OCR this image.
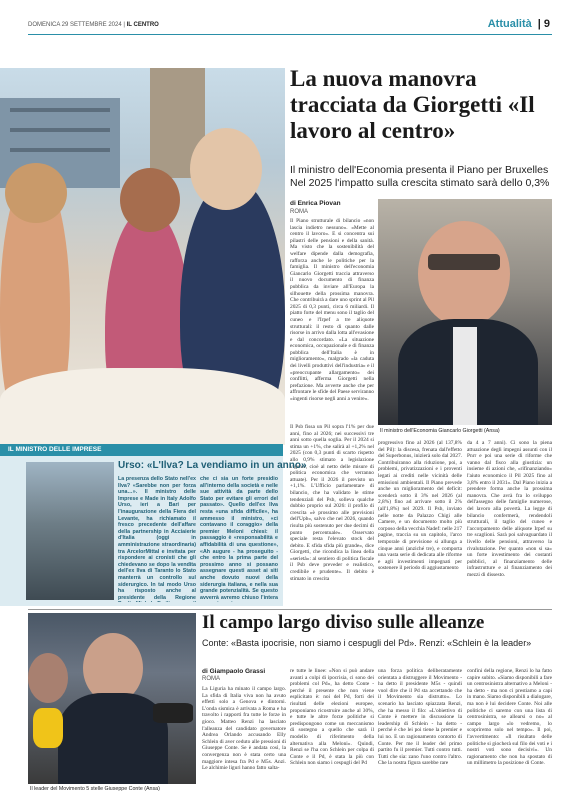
DOMENICA 29 SETTEMBRE 2024 | IL CENTRO	Attualità | 9
La nuova manovra tracciata da Giorgetti «Il lavoro al centro»
Il ministro dell'Economia presenta il Piano per Bruxelles Nel 2025 l'impatto sulla crescita stimato sarà dello 0,3%
di Enrica Piovan
ROMA
Il Piano strutturale di bilancio «non lascia indietro nessuno». «Mette al centro il lavoro». E si concentra sui pilastri delle pensioni e della sanità. Ma visto che la sostenibilità del welfare dipende dalla demografia, rafforza anche le politiche per la famiglia. Il ministro dell'economia Giancarlo Giorgetti traccia attraverso il nuovo documento di finanza pubblica da inviare all'Europa la silhouette della prossima manovra. Che contribuirà a dare uno sprint al Pil 2025 di 0,3 punti, circa 6 miliardi. Il piatto forte del menu sono il taglio del cuneo e l'Irpef a tre aliquote strutturali: il resto di quanto dalle risorse in arrivo dalla lotta all'evasione e dal concordato. «La situazione economica, occupazionale e di finanza pubblica dell'Italia è in miglioramento», malgrado «la caduta dei livelli produttivi dell'industria» e il «preoccupante allargamento» dei conflitti, afferma Giorgetti nella prefazione. Ma avverte anche che per affrontare le sfide del Paese serviranno «ingenti risorse negli anni a venire».
Il ministro dell'Economia Giancarlo Giorgetti (Ansa)
Il Psb fissa un Pil sopra l'1% per due anni, fino al 2026; nei successivi tre anni sotto quella soglia. Per il 2024 si stima un +1%, che salirà al +1,2% nel 2025 (con 0,3 punti di scarto rispetto allo 0,9% stimato a legislazione vigente, cioè al netto delle misure di politica economica che verranno attuate). Per il 2026 il previsto un +1,1%. L'Ufficio parlamentare di bilancio, che ha validato le stime tendenziali del Psb, solleva qualche dubbio proprio sul 2026: il profilo di crescita «è prossimo alle previsioni dell'Upb», salvo che nel 2026, quando risulta più sostenuto per due decimi di punto percentuale». Osservato speciale resta l'elevato stock del debito. E sfida sfida più grande», dice Giorgetti, che ricondica la linea della «serietà»: al sentiero di politica fiscale il Psb deve preveder e realistico, credibile e prudente». Il debito è stimato in crescita
progressivo fino al 2026 (al 137,8% del Pil): la discesa, frenata dall'effetto del Superbonus, inizierà solo dal 2027. Contribuiranno alla riduzione, poi, a problemi, privatizzazioni e i proventi legati ai crediti nelle vicinità delle emissioni ambientali. Il Piano prevede anche un miglioramento del deficit: scenderà sotto il 3% nel 2026 (al 2,8%) fino ad arrivare sotto il 2% (all'1,8%) nel 2029. Il Psb, inviato nelle notte da Palazzo Chigi alle Camere, e un documento molto più corposo della vecchia Nadef: nelle 217 pagine, traccia su un capitolo, l'arco temporale di previsione si allunga a cinque anni (anziché tre), e comporta una vasta serie di dedicata alle riforme e agli investimenti impegnati per sostenere il periodo di aggiustamento
da 4 a 7 anni). Ci sono la piena attuazione degli impegni assunti con il Pnrr e poi una serie di riforme che vanno dal fisco alla giustizia: un insieme di azioni che, «rifinanziando» l'aiuto economico il Pil 2025 fino al 3,8% entro il 2031». Dal Piano inizia a prendere forma anche la prossima manovra. Che avrà fra lo sviluppo dell'assegno delle famiglie numerose, del lavoro alla povertà. La legge di bilancio confermerà, rendendoli strutturali, il taglio del cuneo e l'accorpamento delle aliquote Irpef su tre scaglioni. Sarà poi salvaguardato il livello delle pensioni, attraverso la rivalutazione. Per quanto «non si sa» un forte investimento dei costanti pubblici, al finanziamento delle infrastrutture e al finanziamento dei mezzi di dissesto.
IL MINISTRO DELLE IMPRESE
Urso: «L'Ilva? La vendiamo in un anno»
La presenza dello Stato nell'ex Ilva? «Sarebbe non per forza una…». Il ministro delle Imprese e Made in Italy Adolfo Urso, ieri a Bari per l'inaugurazione della Fiera del Levante, ha richiamato il fresco precedente dell'affare della partnership in Acciaierie d'Italia (oggi in amministrazione straordinaria) tra ArcelorMittal e invitata per rispondere ai cronisti che gli chiedevano se dopo la vendita dell'ex Ilva di Taranto lo Stato manterrà un controllo sul siderurgico. In tal modo Urso ha risposto anche al presidente della Regione
che ci sia un forte presidio all'interno della società e nelle sue attività da parte dello Stato per evitare gli errori del passato». Quello dell'ex Ilva resta «una sfida difficile», ha ammesso il ministro, «ci contavano il coraggio» della premier Meloni chiesi: il passaggio è «responsabilità e affidabilità di una questione», «Ah augure - ha proseguito - che entro la prima parte del prossimo anno si possano assegnare questi asset ai siti anche dovuto nuovi della siderurgia italiana, e nella sua grande potenzialità. Se questo avverrà avremo chiuso l'intera
Il leader del Movimento 5 stelle Giuseppe Conte (Ansa)
Il campo largo diviso sulle alleanze
Conte: «Basta ipocrisie, non siamo i cespugli del Pd». Renzi: «Schlein è la leader»
di Giampaolo Grassi
ROMA
La Liguria ha minato il campo largo. La sfida di Italia viva non ha avuto effetti solo a Genova e dintorni. L'onda sismica è arrivata a Roma e ha travolto i rapporti fra tutte le forze in gioco. Matteo Renzi ha lasciato l'alleanza del candidato governatore Andrea Orlando accusando Elly Schlein di aver ceduto alle pressioni di Giuseppe Conte. Se è andata così, la convergenza non è stata certo una maggiore intesa fra Pd e M5s. Anzi. Le alchimie liguri hanno fatto salta-
re tutte le linee: «Non si può andare avanti a colpi di ipocrisia, ci sono dei problemi col Pd», ha detto Conte - perché il presente che non viene esplicitato è: noi del Pd, forti dei risultati delle elezioni europee, proponiamo ricostruire anche al 30%, e tutte le altre forze politiche si predispongono come un meccanismo di sostegno a quello che sarà il modello di riferimento della alternativa alla Meloni». Quindi, Renzi se l'ha con Schlein per colpa di Conte e il Pd, è stata la più con Schlein non siamo i cespugli del Pd
una forza politica deliberatamente orientata a distruggere il Movimento - ha detto il presidente M5s - quindi vuol dire che il Pd sta accettando che il Movimento sia distrutto». Lo scenario ha lasciato spiazzata Renzi, che ha messo il filo: «L'obiettivo di Conte è mettere in discussione la leadership di Schlein - ha detto - perché è che lei poi tiene la premier e lui no. E un ragionamento contorto di Conte. Per me il leader del primo partito fu il premier. Tutti contro tutti. Tutti che sia: zano l'uno contro l'altro. Che la nostra figura sarebbe rare
confini della regione, Renzi lo ha fatto capire subito. «Siamo disponibili a fare un centrosinistra alternativo a Meloni - ha detto - ma non ci prestiamo a capi in mano. Siamo disponibili a dialogare, ma non è lui decidere Conte. Noi alle politiche ci saremo con una lista di centrosinistra, se allearsi o no» al campo largo «lo vedremo, lo scopriremo solo nel tempo». Il poi, l'avvertimento: «Il risultato delle politiche si giocherà sul filo dei voti e i nostri voti sono decisivi». Un ragionamento che non ha spostato di un millimetro la posizione di Conte.
